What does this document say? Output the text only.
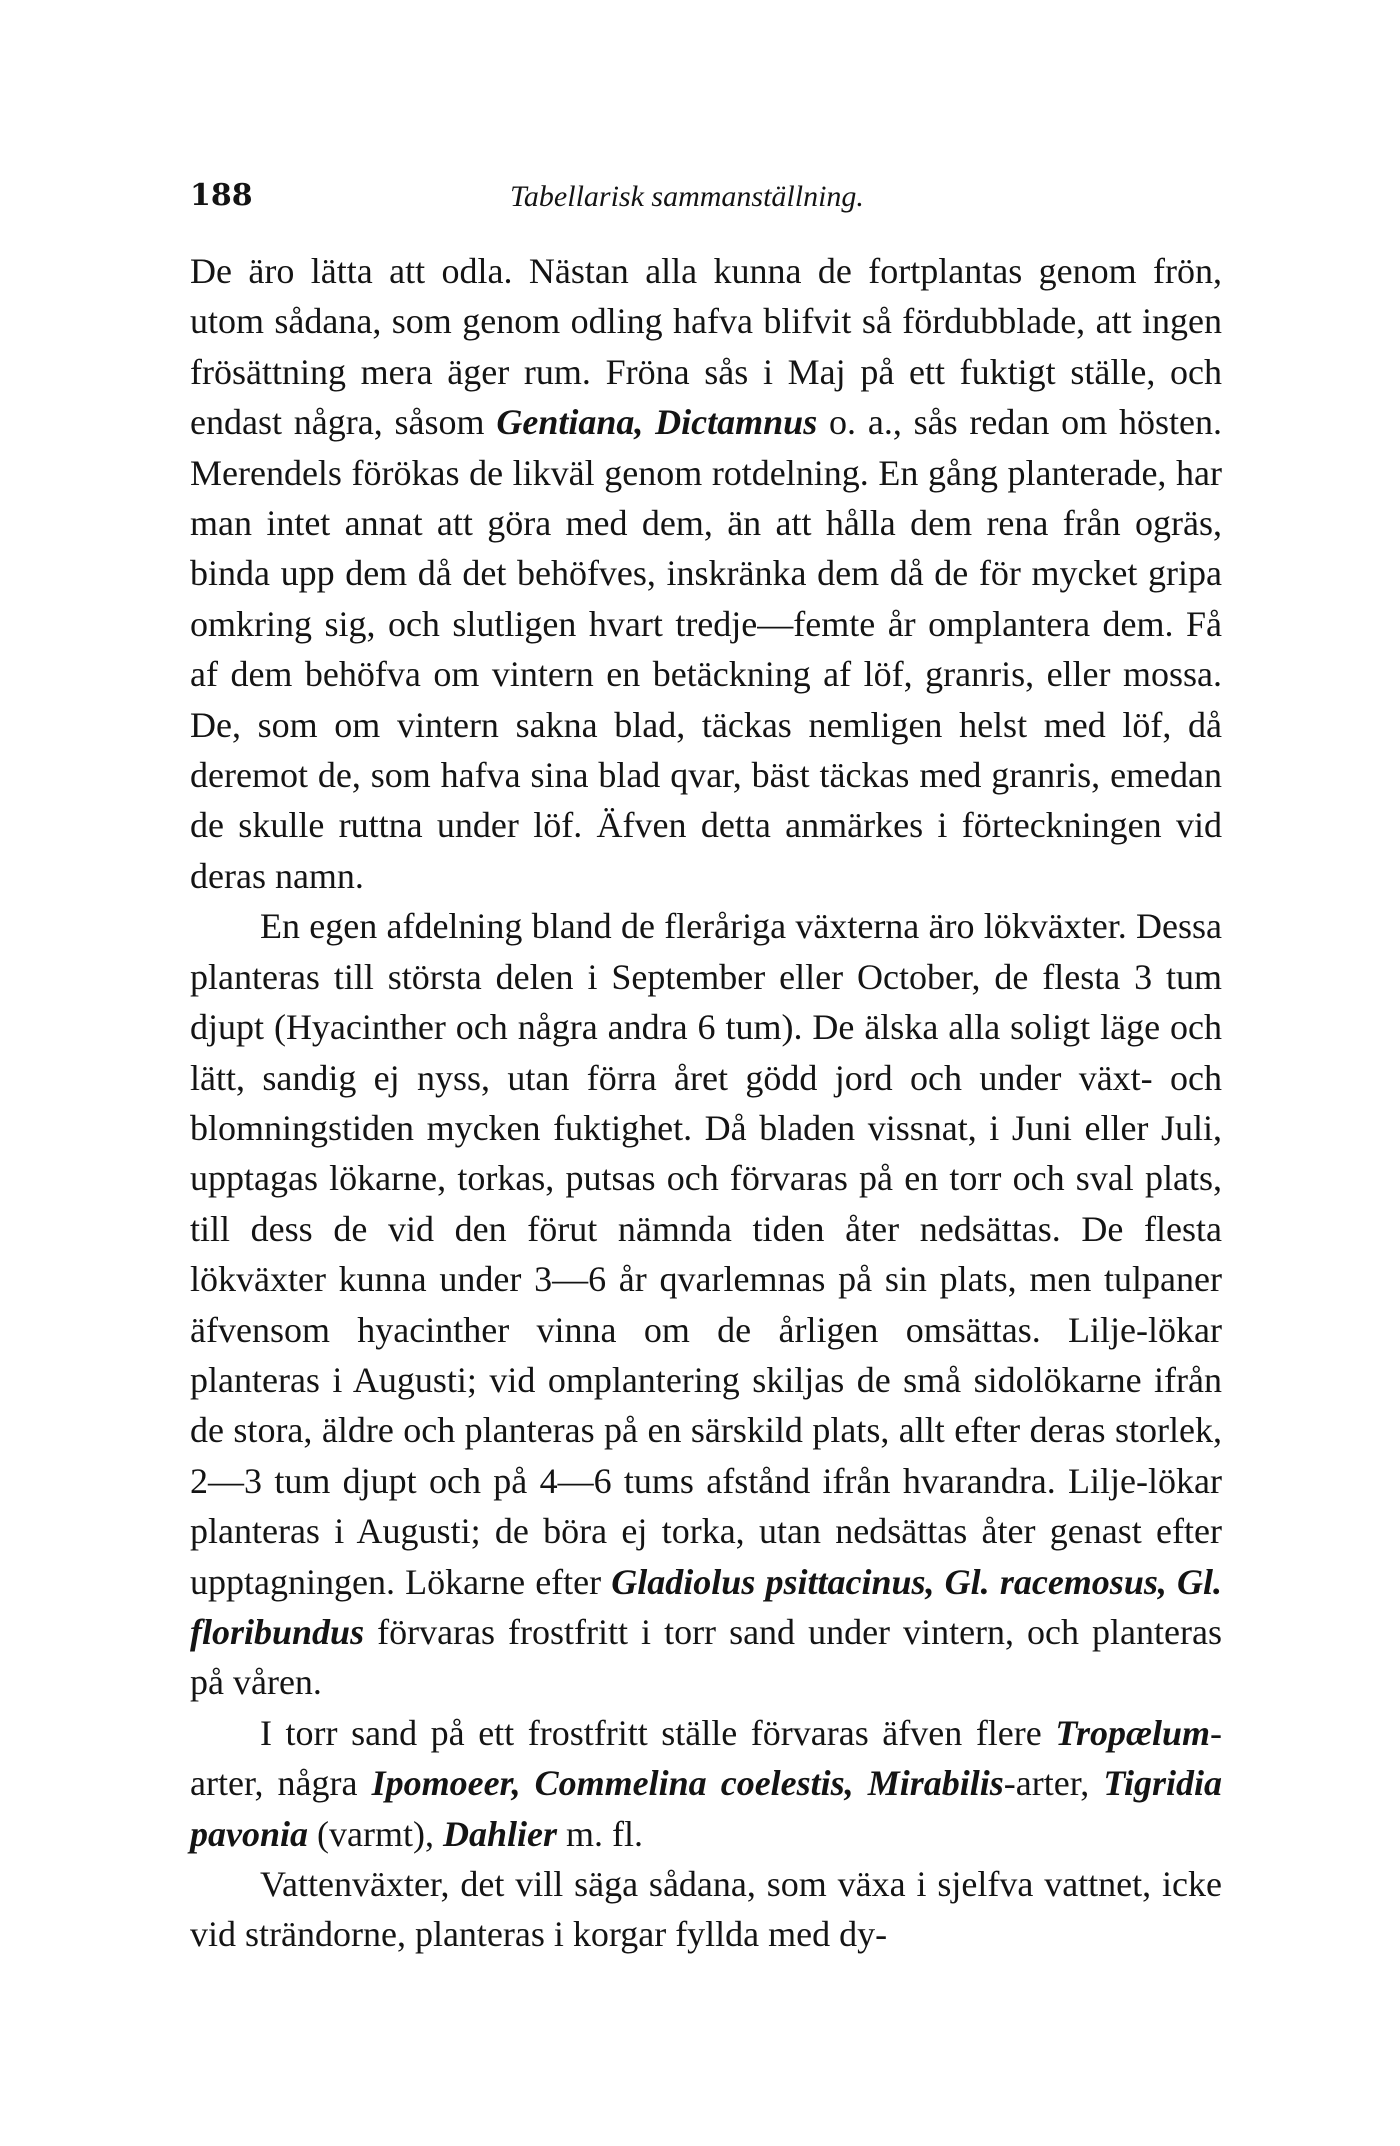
188	Tabellarisk sammanställning.

De äro lätta att odla. Nästan alla kunna de fortplantas genom frön, utom sådana, som genom odling hafva blifvit så fördubblade, att ingen frösättning mera äger rum. Fröna sås i Maj på ett fuktigt ställe, och endast några, såsom Gentiana, Dictamnus o. a., sås redan om hösten. Merendels förökas de likväl genom rotdelning. En gång planterade, har man intet annat att göra med dem, än att hålla dem rena från ogräs, binda upp dem då det behöfves, inskränka dem då de för mycket gripa omkring sig, och slutligen hvart tredje—femte år omplantera dem. Få af dem behöfva om vintern en betäckning af löf, granris, eller mossa. De, som om vintern sakna blad, täckas nemligen helst med löf, då deremot de, som hafva sina blad qvar, bäst täckas med granris, emedan de skulle ruttna under löf. Äfven detta anmärkes i förteckningen vid deras namn.

En egen afdelning bland de fleråriga växterna äro lökväxter. Dessa planteras till största delen i September eller October, de flesta 3 tum djupt (Hyacinther och några andra 6 tum). De älska alla soligt läge och lätt, sandig ej nyss, utan förra året gödd jord och under växt- och blomningstiden mycken fuktighet. Då bladen vissnat, i Juni eller Juli, upptagas lökarne, torkas, putsas och förvaras på en torr och sval plats, till dess de vid den förut nämnda tiden åter nedsättas. De flesta lökväxter kunna under 3—6 år qvarlemnas på sin plats, men tulpaner äfvensom hyacinther vinna om de årligen omsättas. Lilje-lökar planteras i Augusti; vid omplantering skiljas de små sidolökarne ifrån de stora, äldre och planteras på en särskild plats, allt efter deras storlek, 2—3 tum djupt och på 4—6 tums afstånd ifrån hvarandra. Lilje-lökar planteras i Augusti; de böra ej torka, utan nedsättas åter genast efter upptagningen. Lökarne efter Gladiolus psittacinus, Gl. racemosus, Gl. floribundus förvaras frostfritt i torr sand under vintern, och planteras på våren.

I torr sand på ett frostfritt ställe förvaras äfven flere Tropælum-arter, några Ipomoeer, Commelina coelestis, Mirabilis-arter, Tigridia pavonia (varmt), Dahlier m. fl.

Vattenväxter, det vill säga sådana, som växa i sjelfva vattnet, icke vid strändorne, planteras i korgar fyllda med dy-
